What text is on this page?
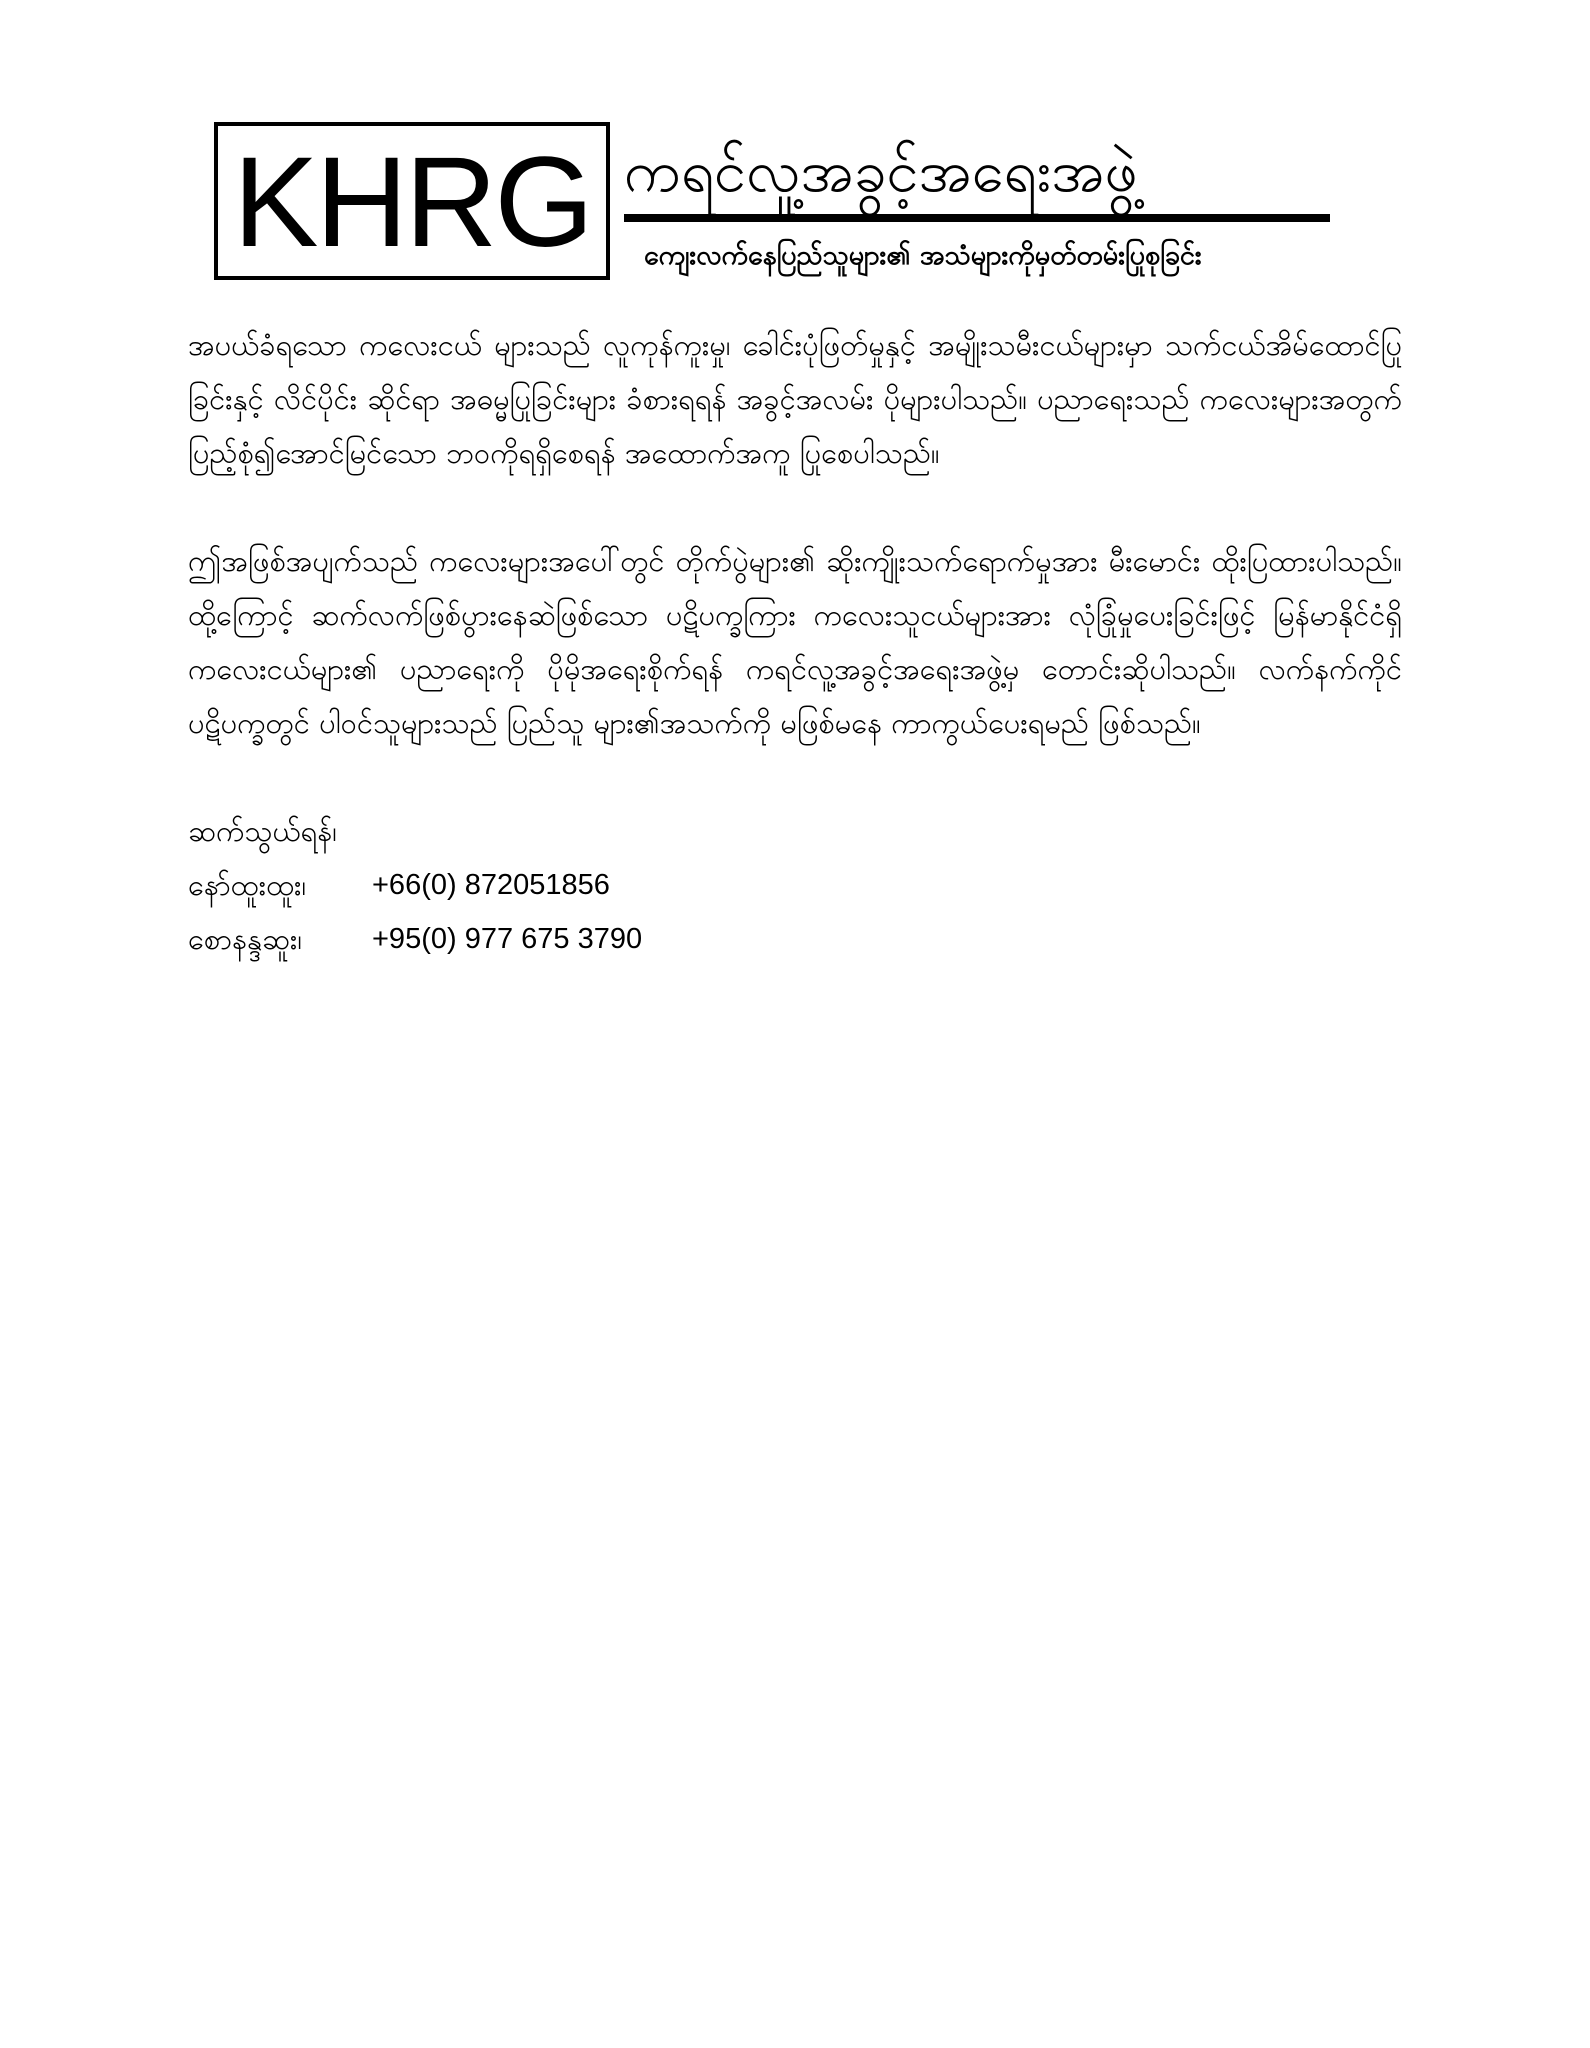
KHRG ကရင်လူ့အခွင့်အရေးအဖွဲ့
ကျေးလက်နေပြည်သူများ၏ အသံများကိုမှတ်တမ်းပြုစုခြင်း

အပယ်ခံရသော ကလေးငယ် များသည် လူကုန်ကူးမှု၊ ခေါင်းပုံဖြတ်မှုနှင့် အမျိုးသမီးငယ်များမှာ သက်ငယ်အိမ်ထောင်ပြုခြင်းနှင့် လိင်ပိုင်း ဆိုင်ရာ အဓမ္မပြုခြင်းများ ခံစားရရန် အခွင့်အလမ်း ပိုများပါသည်။ ပညာရေးသည် ကလေးများအတွက် ပြည့်စုံ၍အောင်မြင်သော ဘဝကိုရရှိစေရန် အထောက်အကူ ပြုစေပါသည်။

ဤအဖြစ်အပျက်သည် ကလေးများအပေါ်တွင် တိုက်ပွဲများ၏ ဆိုးကျိုးသက်ရောက်မှုအား မီးမောင်း ထိုးပြထားပါသည်။ ထို့ကြောင့် ဆက်လက်ဖြစ်ပွားနေဆဲဖြစ်သော ပဋိပက္ခကြား ကလေးသူငယ်များအား လုံခြုံမှုပေးခြင်းဖြင့် မြန်မာနိုင်ငံရှိကလေးငယ်များ၏ ပညာရေးကို ပိုမိုအရေးစိုက်ရန် ကရင်လူ့အခွင့်အရေးအဖွဲ့မှ တောင်းဆိုပါသည်။ လက်နက်ကိုင် ပဋိပက္ခတွင် ပါဝင်သူများသည် ပြည်သူ များ၏အသက်ကို မဖြစ်မနေ ကာကွယ်ပေးရမည် ဖြစ်သည်။

ဆက်သွယ်ရန်၊
နော်ထူးထူး၊	+66(0) 872051856
စောနန္ဒဆူး၊	+95(0) 977 675 3790
